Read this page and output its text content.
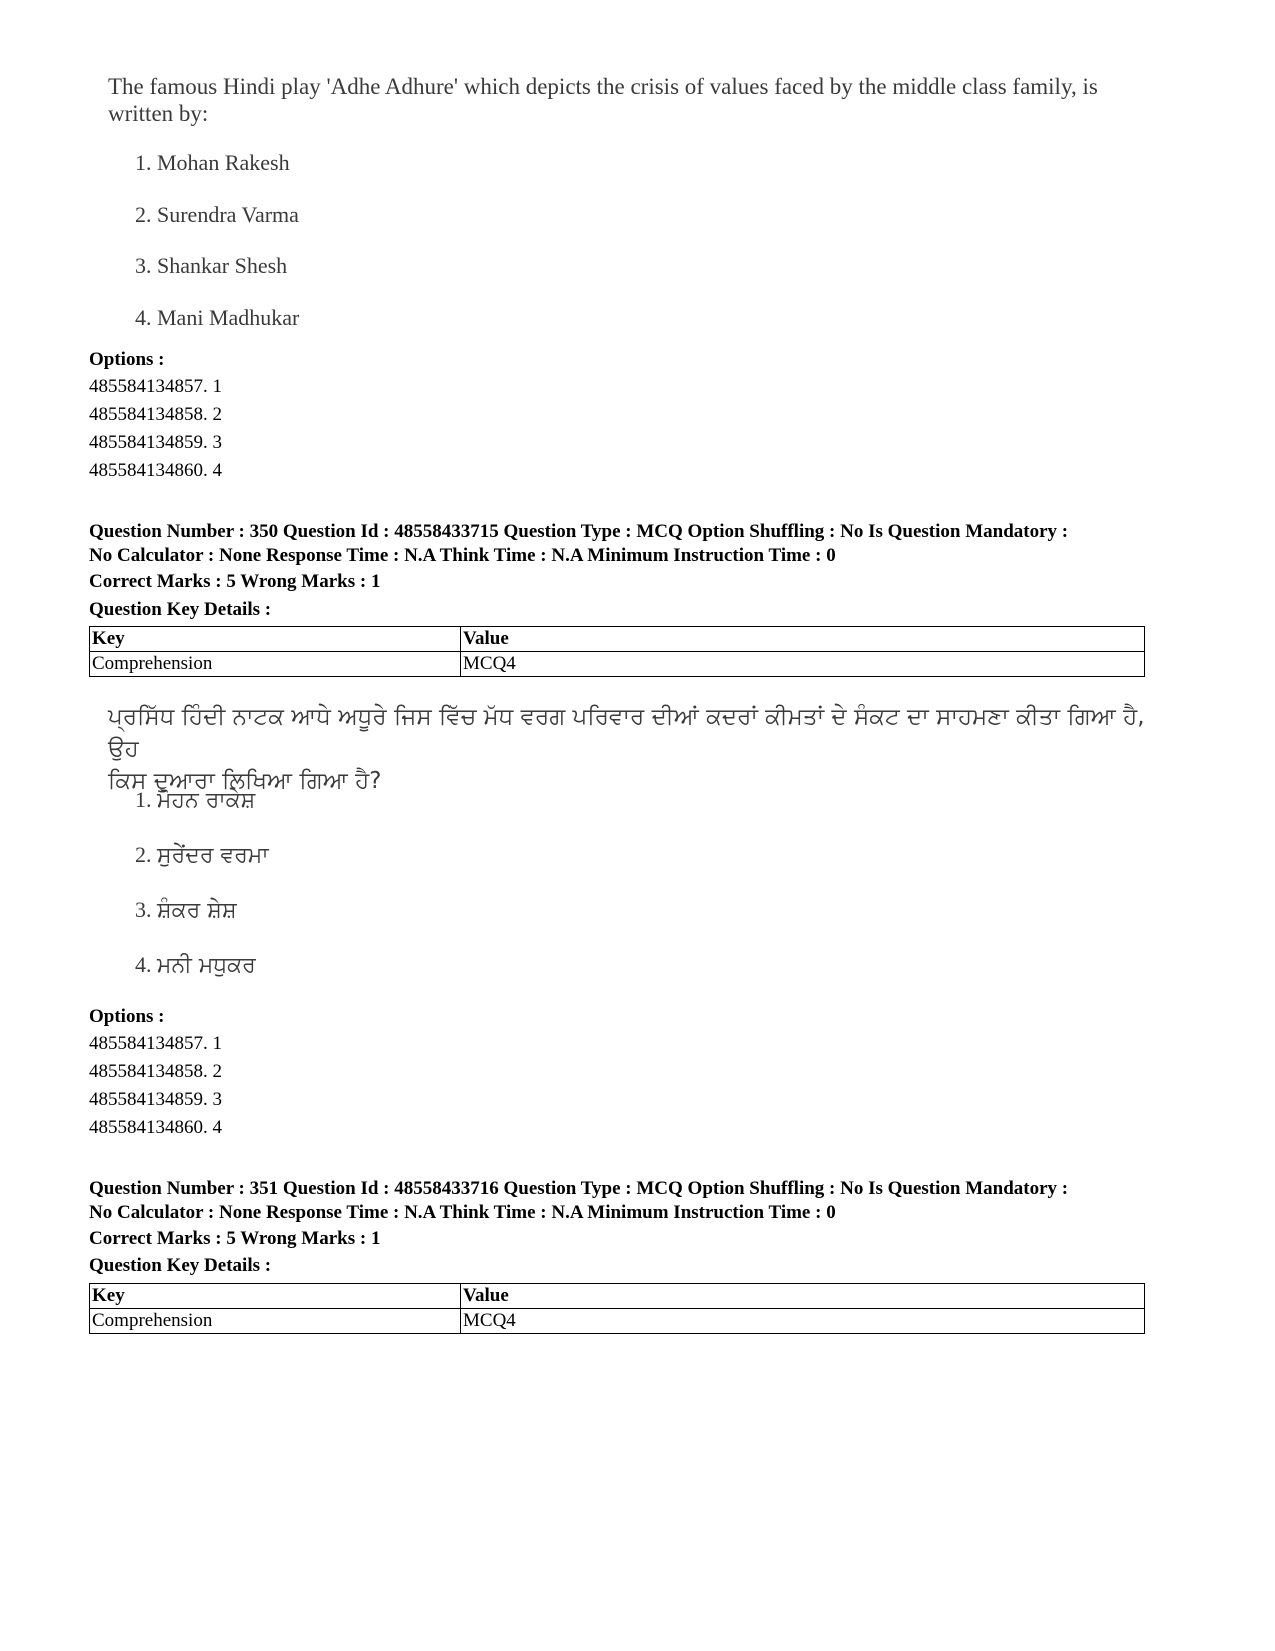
The famous Hindi play 'Adhe Adhure' which depicts the crisis of values faced by the middle class family, is
written by:
1. Mohan Rakesh
2. Surendra Varma
3. Shankar Shesh
4. Mani Madhukar
Options :
485584134857. 1
485584134858. 2
485584134859. 3
485584134860. 4
Question Number : 350 Question Id : 48558433715 Question Type : MCQ Option Shuffling : No Is Question Mandatory :
No Calculator : None Response Time : N.A Think Time : N.A Minimum Instruction Time : 0
Correct Marks : 5 Wrong Marks : 1
Question Key Details :
Key	Value
Comprehension	MCQ4
ਪ੍ਰਸਿੱਧ ਹਿੰਦੀ ਨਾਟਕ ਆਧੇ ਅਧੂਰੇ ਜਿਸ ਵਿੱਚ ਮੱਧ ਵਰਗ ਪਰਿਵਾਰ ਦੀਆਂ ਕਦਰਾਂ ਕੀਮਤਾਂ ਦੇ ਸੰਕਟ ਦਾ ਸਾਹਮਣਾ ਕੀਤਾ ਗਿਆ ਹੈ, ਉਹ
ਕਿਸ ਦੁਆਰਾ ਲਿਖਿਆ ਗਿਆ ਹੈ?
1. ਮੋਹਨ ਰਾਕੇਸ਼
2. ਸੁਰੇਂਦਰ ਵਰਮਾ
3. ਸ਼ੰਕਰ ਸ਼ੇਸ਼
4. ਮਨੀ ਮਧੁਕਰ
Options :
485584134857. 1
485584134858. 2
485584134859. 3
485584134860. 4
Question Number : 351 Question Id : 48558433716 Question Type : MCQ Option Shuffling : No Is Question Mandatory :
No Calculator : None Response Time : N.A Think Time : N.A Minimum Instruction Time : 0
Correct Marks : 5 Wrong Marks : 1
Question Key Details :
Key	Value
Comprehension	MCQ4
